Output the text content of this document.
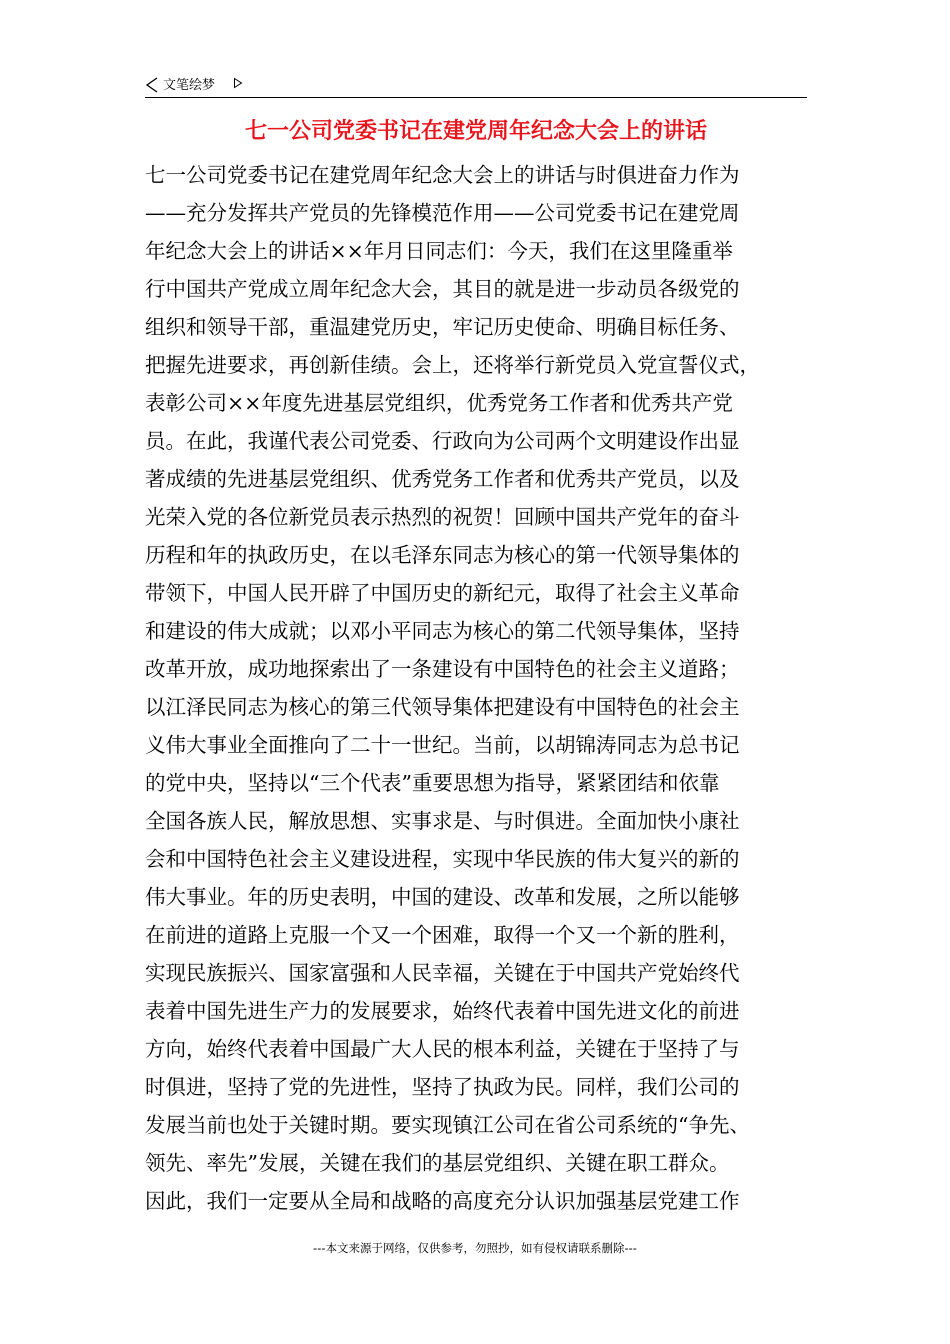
文笔绘梦
七一公司党委书记在建党周年纪念大会上的讲话
七一公司党委书记在建党周年纪念大会上的讲话与时俱进奋力作为
——充分发挥共产党员的先锋模范作用——公司党委书记在建党周
年纪念大会上的讲话××年月日同志们：今天，我们在这里隆重举
行中国共产党成立周年纪念大会，其目的就是进一步动员各级党的
组织和领导干部，重温建党历史，牢记历史使命、明确目标任务、
把握先进要求，再创新佳绩。会上，还将举行新党员入党宣誓仪式，
表彰公司××年度先进基层党组织，优秀党务工作者和优秀共产党
员。在此，我谨代表公司党委、行政向为公司两个文明建设作出显
著成绩的先进基层党组织、优秀党务工作者和优秀共产党员，以及
光荣入党的各位新党员表示热烈的祝贺！回顾中国共产党年的奋斗
历程和年的执政历史，在以毛泽东同志为核心的第一代领导集体的
带领下，中国人民开辟了中国历史的新纪元，取得了社会主义革命
和建设的伟大成就；以邓小平同志为核心的第二代领导集体，坚持
改革开放，成功地探索出了一条建设有中国特色的社会主义道路；
以江泽民同志为核心的第三代领导集体把建设有中国特色的社会主
义伟大事业全面推向了二十一世纪。当前，以胡锦涛同志为总书记
的党中央，坚持以“三个代表”重要思想为指导，紧紧团结和依靠
全国各族人民，解放思想、实事求是、与时俱进。全面加快小康社
会和中国特色社会主义建设进程，实现中华民族的伟大复兴的新的
伟大事业。年的历史表明，中国的建设、改革和发展，之所以能够
在前进的道路上克服一个又一个困难，取得一个又一个新的胜利，
实现民族振兴、国家富强和人民幸福，关键在于中国共产党始终代
表着中国先进生产力的发展要求，始终代表着中国先进文化的前进
方向，始终代表着中国最广大人民的根本利益，关键在于坚持了与
时俱进，坚持了党的先进性，坚持了执政为民。同样，我们公司的
发展当前也处于关键时期。要实现镇江公司在省公司系统的“争先、
领先、率先”发展，关键在我们的基层党组织、关键在职工群众。
因此，我们一定要从全局和战略的高度充分认识加强基层党建工作
---本文来源于网络，仅供参考，勿照抄，如有侵权请联系删除---
